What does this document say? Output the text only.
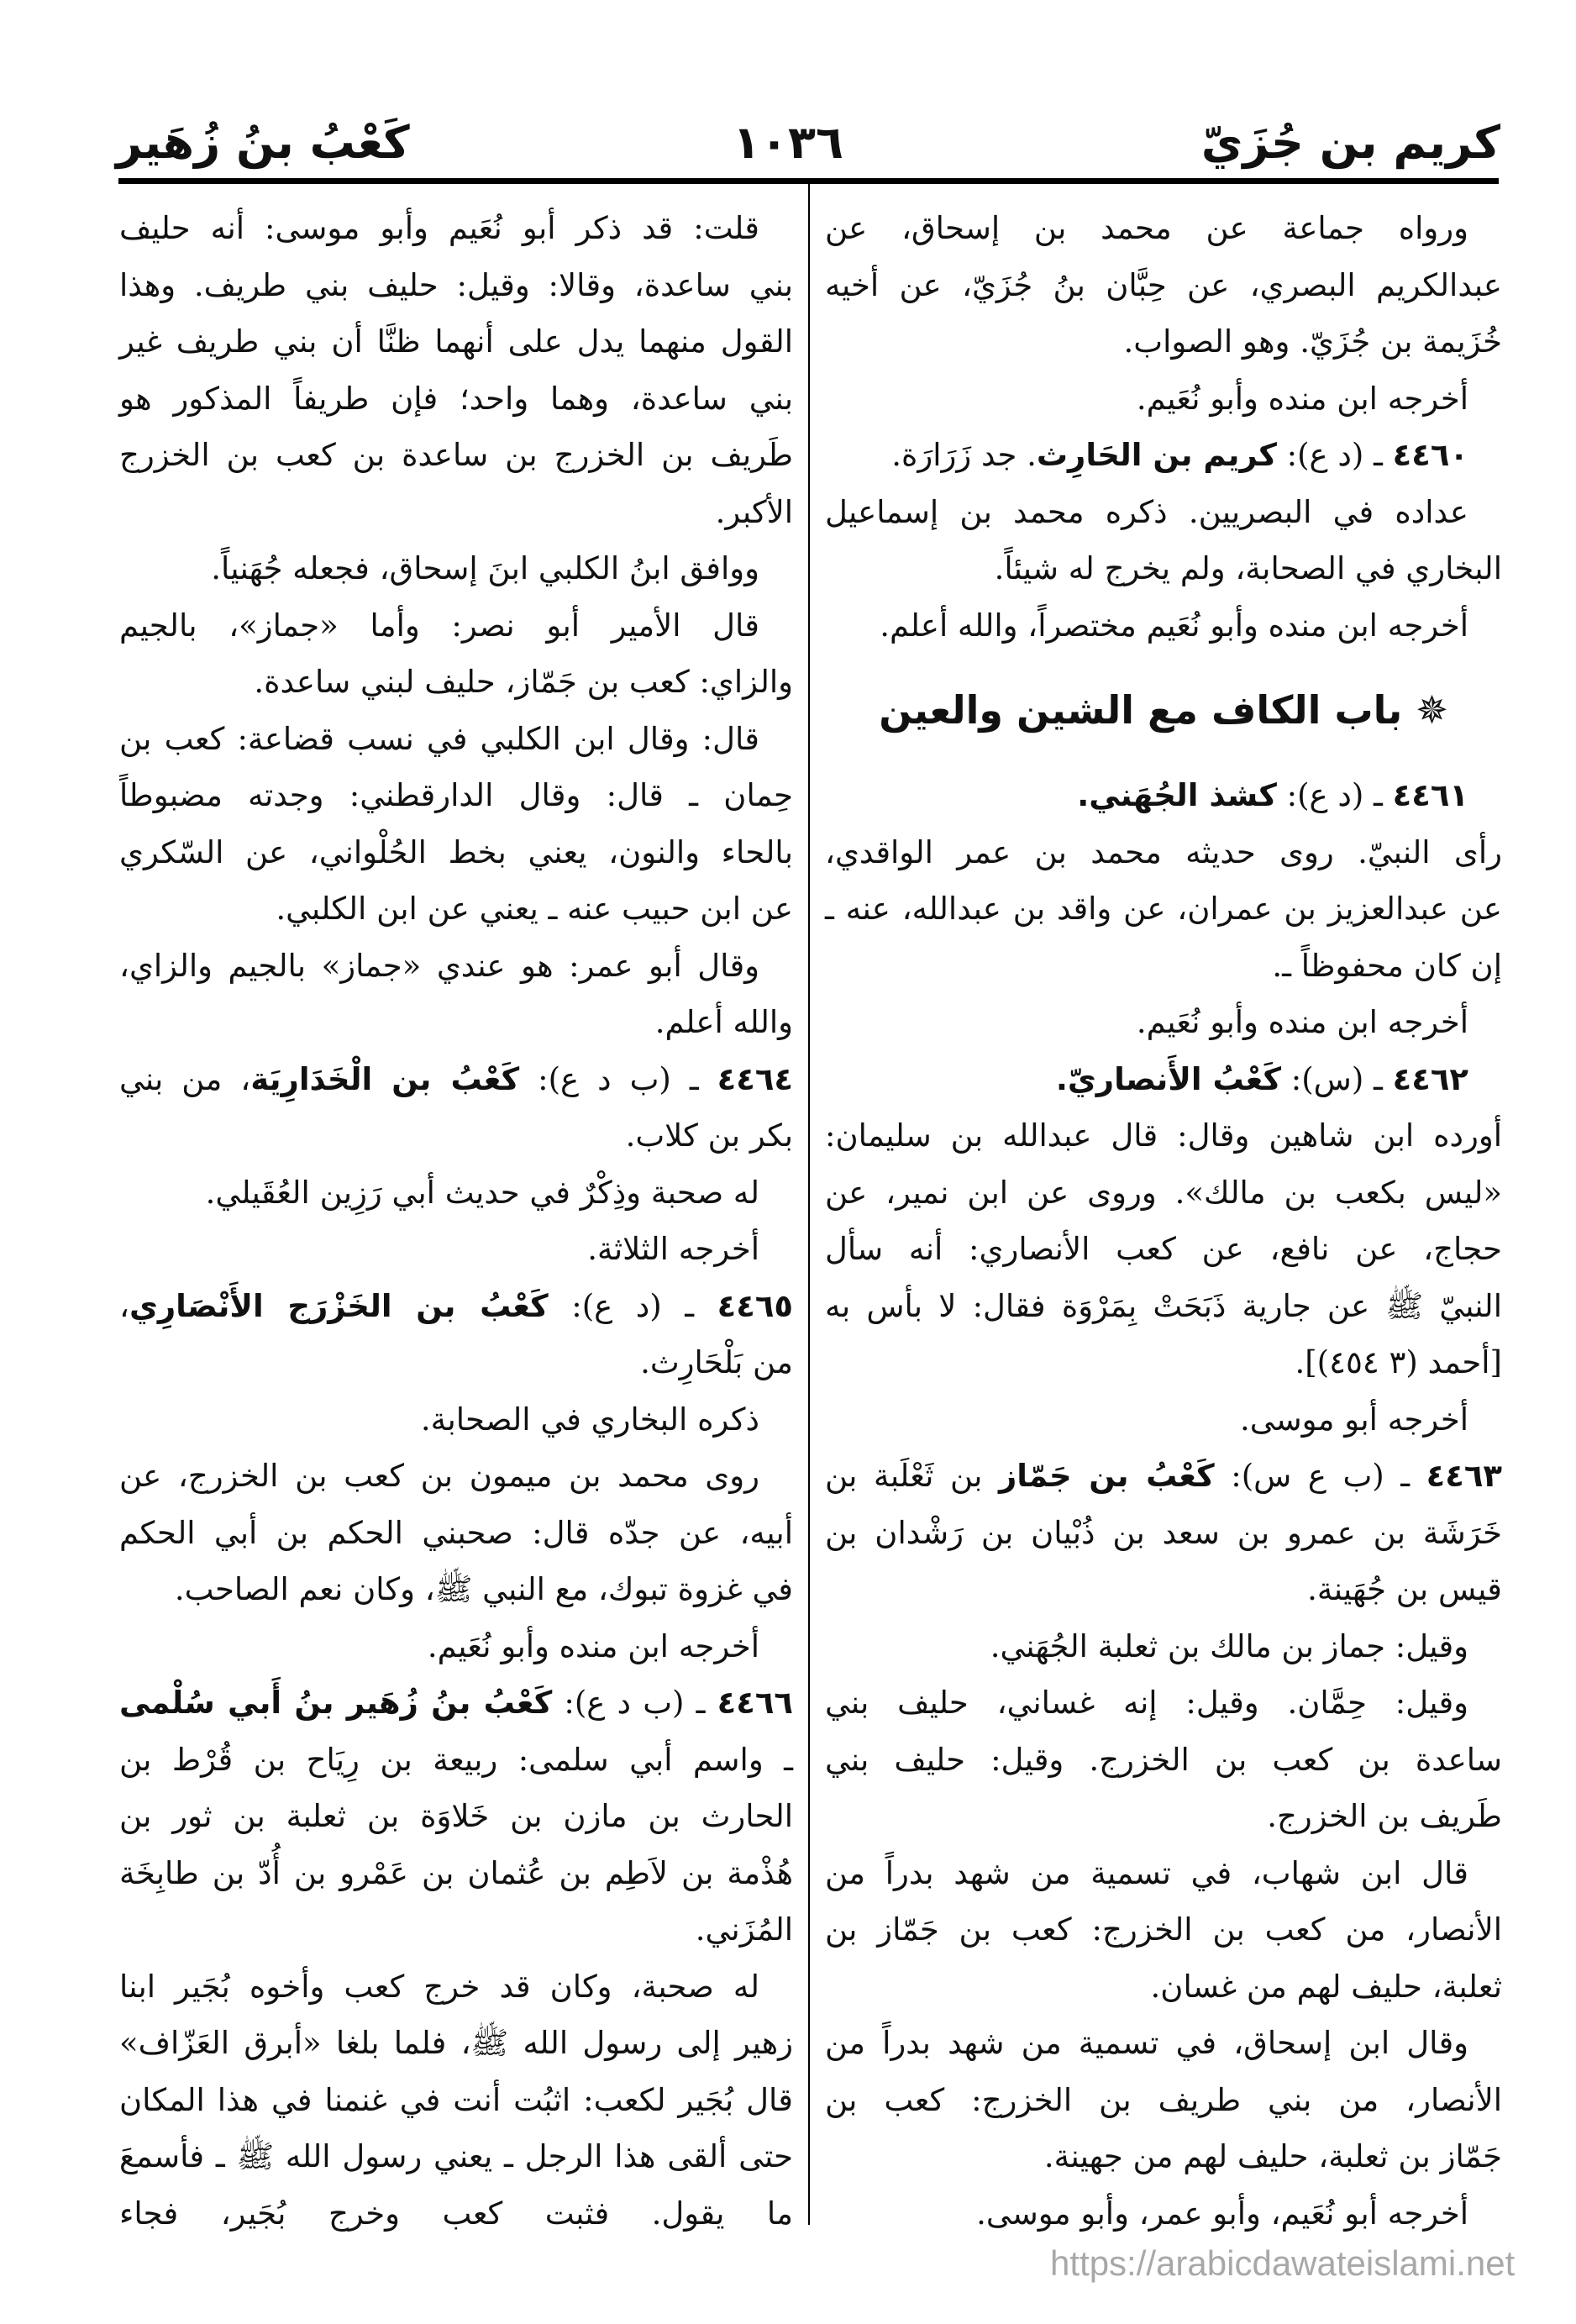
كريم بن جُزَيّ
١٠٣٦
كَعْبُ بنُ زُهَير
ورواه جماعة عن محمد بن إسحاق، عن
عبدالكريم البصري، عن حِبَّان بنُ جُزَيّ، عن أخيه
خُزَيمة بن جُزَيّ. وهو الصواب.
أخرجه ابن منده وأبو نُعَيم.
٤٤٦٠ ـ (د ع): كريم بن الحَارِث. جد زَرَارَة.
عداده في البصريين. ذكره محمد بن إسماعيل
البخاري في الصحابة، ولم يخرج له شيئاً.
أخرجه ابن منده وأبو نُعَيم مختصراً، والله أعلم.
✵ باب الكاف مع الشين والعين
٤٤٦١ ـ (د ع): كشذ الجُهَني.
رأى النبيّ. روى حديثه محمد بن عمر الواقدي،
عن عبدالعزيز بن عمران، عن واقد بن عبدالله، عنه ـ
إن كان محفوظاً ـ.
أخرجه ابن منده وأبو نُعَيم.
٤٤٦٢ ـ (س): كَعْبُ الأَنصاريّ.
أورده ابن شاهين وقال: قال عبدالله بن سليمان:
«ليس بكعب بن مالك». وروى عن ابن نمير، عن
حجاج، عن نافع، عن كعب الأنصاري: أنه سأل
النبيّ ﷺ عن جارية ذَبَحَتْ بِمَرْوَة فقال: لا بأس به
[أحمد (٣ ٤٥٤)].
أخرجه أبو موسى.
٤٤٦٣ ـ (ب ع س): كَعْبُ بن جَمّاز بن ثَعْلَبة بن
خَرَشَة بن عمرو بن سعد بن ذُبْيان بن رَشْدان بن
قيس بن جُهَينة.
وقيل: جماز بن مالك بن ثعلبة الجُهَني.
وقيل: حِمَّان. وقيل: إنه غساني، حليف بني
ساعدة بن كعب بن الخزرج. وقيل: حليف بني
طَريف بن الخزرج.
قال ابن شهاب، في تسمية من شهد بدراً من
الأنصار، من كعب بن الخزرج: كعب بن جَمّاز بن
ثعلبة، حليف لهم من غسان.
وقال ابن إسحاق، في تسمية من شهد بدراً من
الأنصار، من بني طريف بن الخزرج: كعب بن
جَمّاز بن ثعلبة، حليف لهم من جهينة.
أخرجه أبو نُعَيم، وأبو عمر، وأبو موسى.
قلت: قد ذكر أبو نُعَيم وأبو موسى: أنه حليف
بني ساعدة، وقالا: وقيل: حليف بني طريف. وهذا
القول منهما يدل على أنهما ظنَّا أن بني طريف غير
بني ساعدة، وهما واحد؛ فإن طريفاً المذكور هو
طَريف بن الخزرج بن ساعدة بن كعب بن الخزرج
الأكبر.
ووافق ابنُ الكلبي ابنَ إسحاق، فجعله جُهَنياً.
قال الأمير أبو نصر: وأما «جماز»، بالجيم
والزاي: كعب بن جَمّاز، حليف لبني ساعدة.
قال: وقال ابن الكلبي في نسب قضاعة: كعب بن
حِمان ـ قال: وقال الدارقطني: وجدته مضبوطاً
بالحاء والنون، يعني بخط الحُلْواني، عن السّكري
عن ابن حبيب عنه ـ يعني عن ابن الكلبي.
وقال أبو عمر: هو عندي «جماز» بالجيم والزاي،
والله أعلم.
٤٤٦٤ ـ (ب د ع): كَعْبُ بن الْخَدَارِيَة، من بني
بكر بن كلاب.
له صحبة وذِكْرٌ في حديث أبي رَزِين العُقَيلي.
أخرجه الثلاثة.
٤٤٦٥ ـ (د ع): كَعْبُ بن الخَزْرَج الأَنْصَارِي،
من بَلْحَارِث.
ذكره البخاري في الصحابة.
روى محمد بن ميمون بن كعب بن الخزرج، عن
أبيه، عن جدّه قال: صحبني الحكم بن أبي الحكم
في غزوة تبوك، مع النبي ﷺ، وكان نعم الصاحب.
أخرجه ابن منده وأبو نُعَيم.
٤٤٦٦ ـ (ب د ع): كَعْبُ بنُ زُهَير بنُ أَبي سُلْمى
ـ واسم أبي سلمى: ربيعة بن رِيَاح بن قُرْط بن
الحارث بن مازن بن خَلاوَة بن ثعلبة بن ثور بن
هُذْمة بن لاَطِم بن عُثمان بن عَمْرو بن أُدّ بن طابِخَة
المُزَني.
له صحبة، وكان قد خرج كعب وأخوه بُجَير ابنا
زهير إلى رسول الله ﷺ، فلما بلغا «أبرق العَزّاف»
قال بُجَير لكعب: اثبُت أنت في غنمنا في هذا المكان
حتى ألقى هذا الرجل ـ يعني رسول الله ﷺ ـ فأسمعَ
ما يقول. فثبت كعب وخرج بُجَير، فجاء
https://arabicdawateislami.net
